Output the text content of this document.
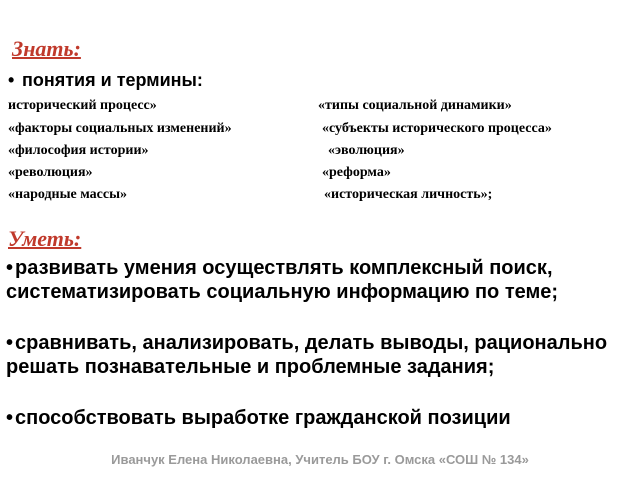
Знать:
• понятия и термины:
исторический процесс»
«факторы социальных изменений»
«философия истории»
«революция»
«народные массы»
«типы социальной динамики»
«субъекты исторического процесса»
«эволюция»
«реформа»
«историческая личность»;
Уметь:
•развивать умения осуществлять комплексный поиск, систематизировать социальную информацию по теме;
•сравнивать, анализировать, делать выводы, рационально решать познавательные и проблемные задания;
•способствовать выработке гражданской позиции
Иванчук Елена Николаевна, Учитель БОУ г. Омска «СОШ № 134»
